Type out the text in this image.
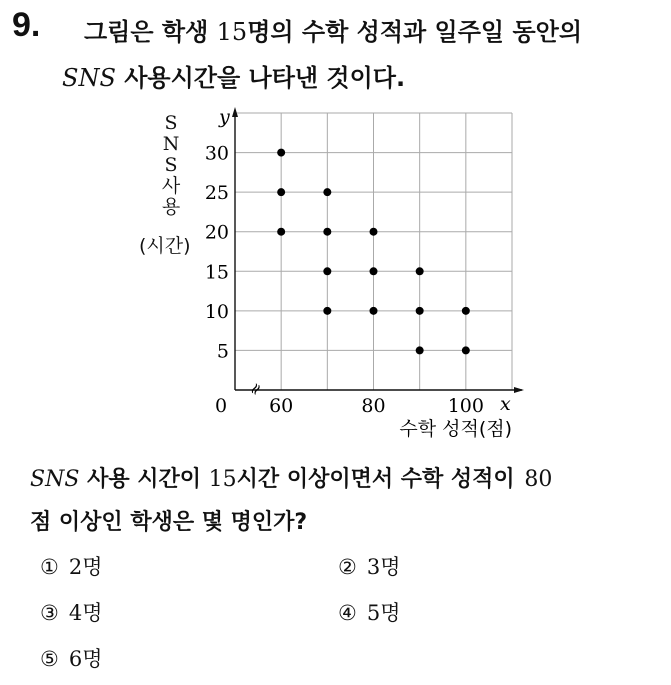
9. 그림은 학생 15명의 수학 성적과 일주일 동안의
SNS 사용시간을 나타낸 것이다.
S
N
S
사
용
(시간)
≈
y
x
0
5
10
15
20
25
30
60	80	100
수학 성적(점)
SNS 사용 시간이 15시간 이상이면서 수학 성적이 80
점 이상인 학생은 몇 명인가?
① 2명	② 3명
③ 4명	④ 5명
⑤ 6명
